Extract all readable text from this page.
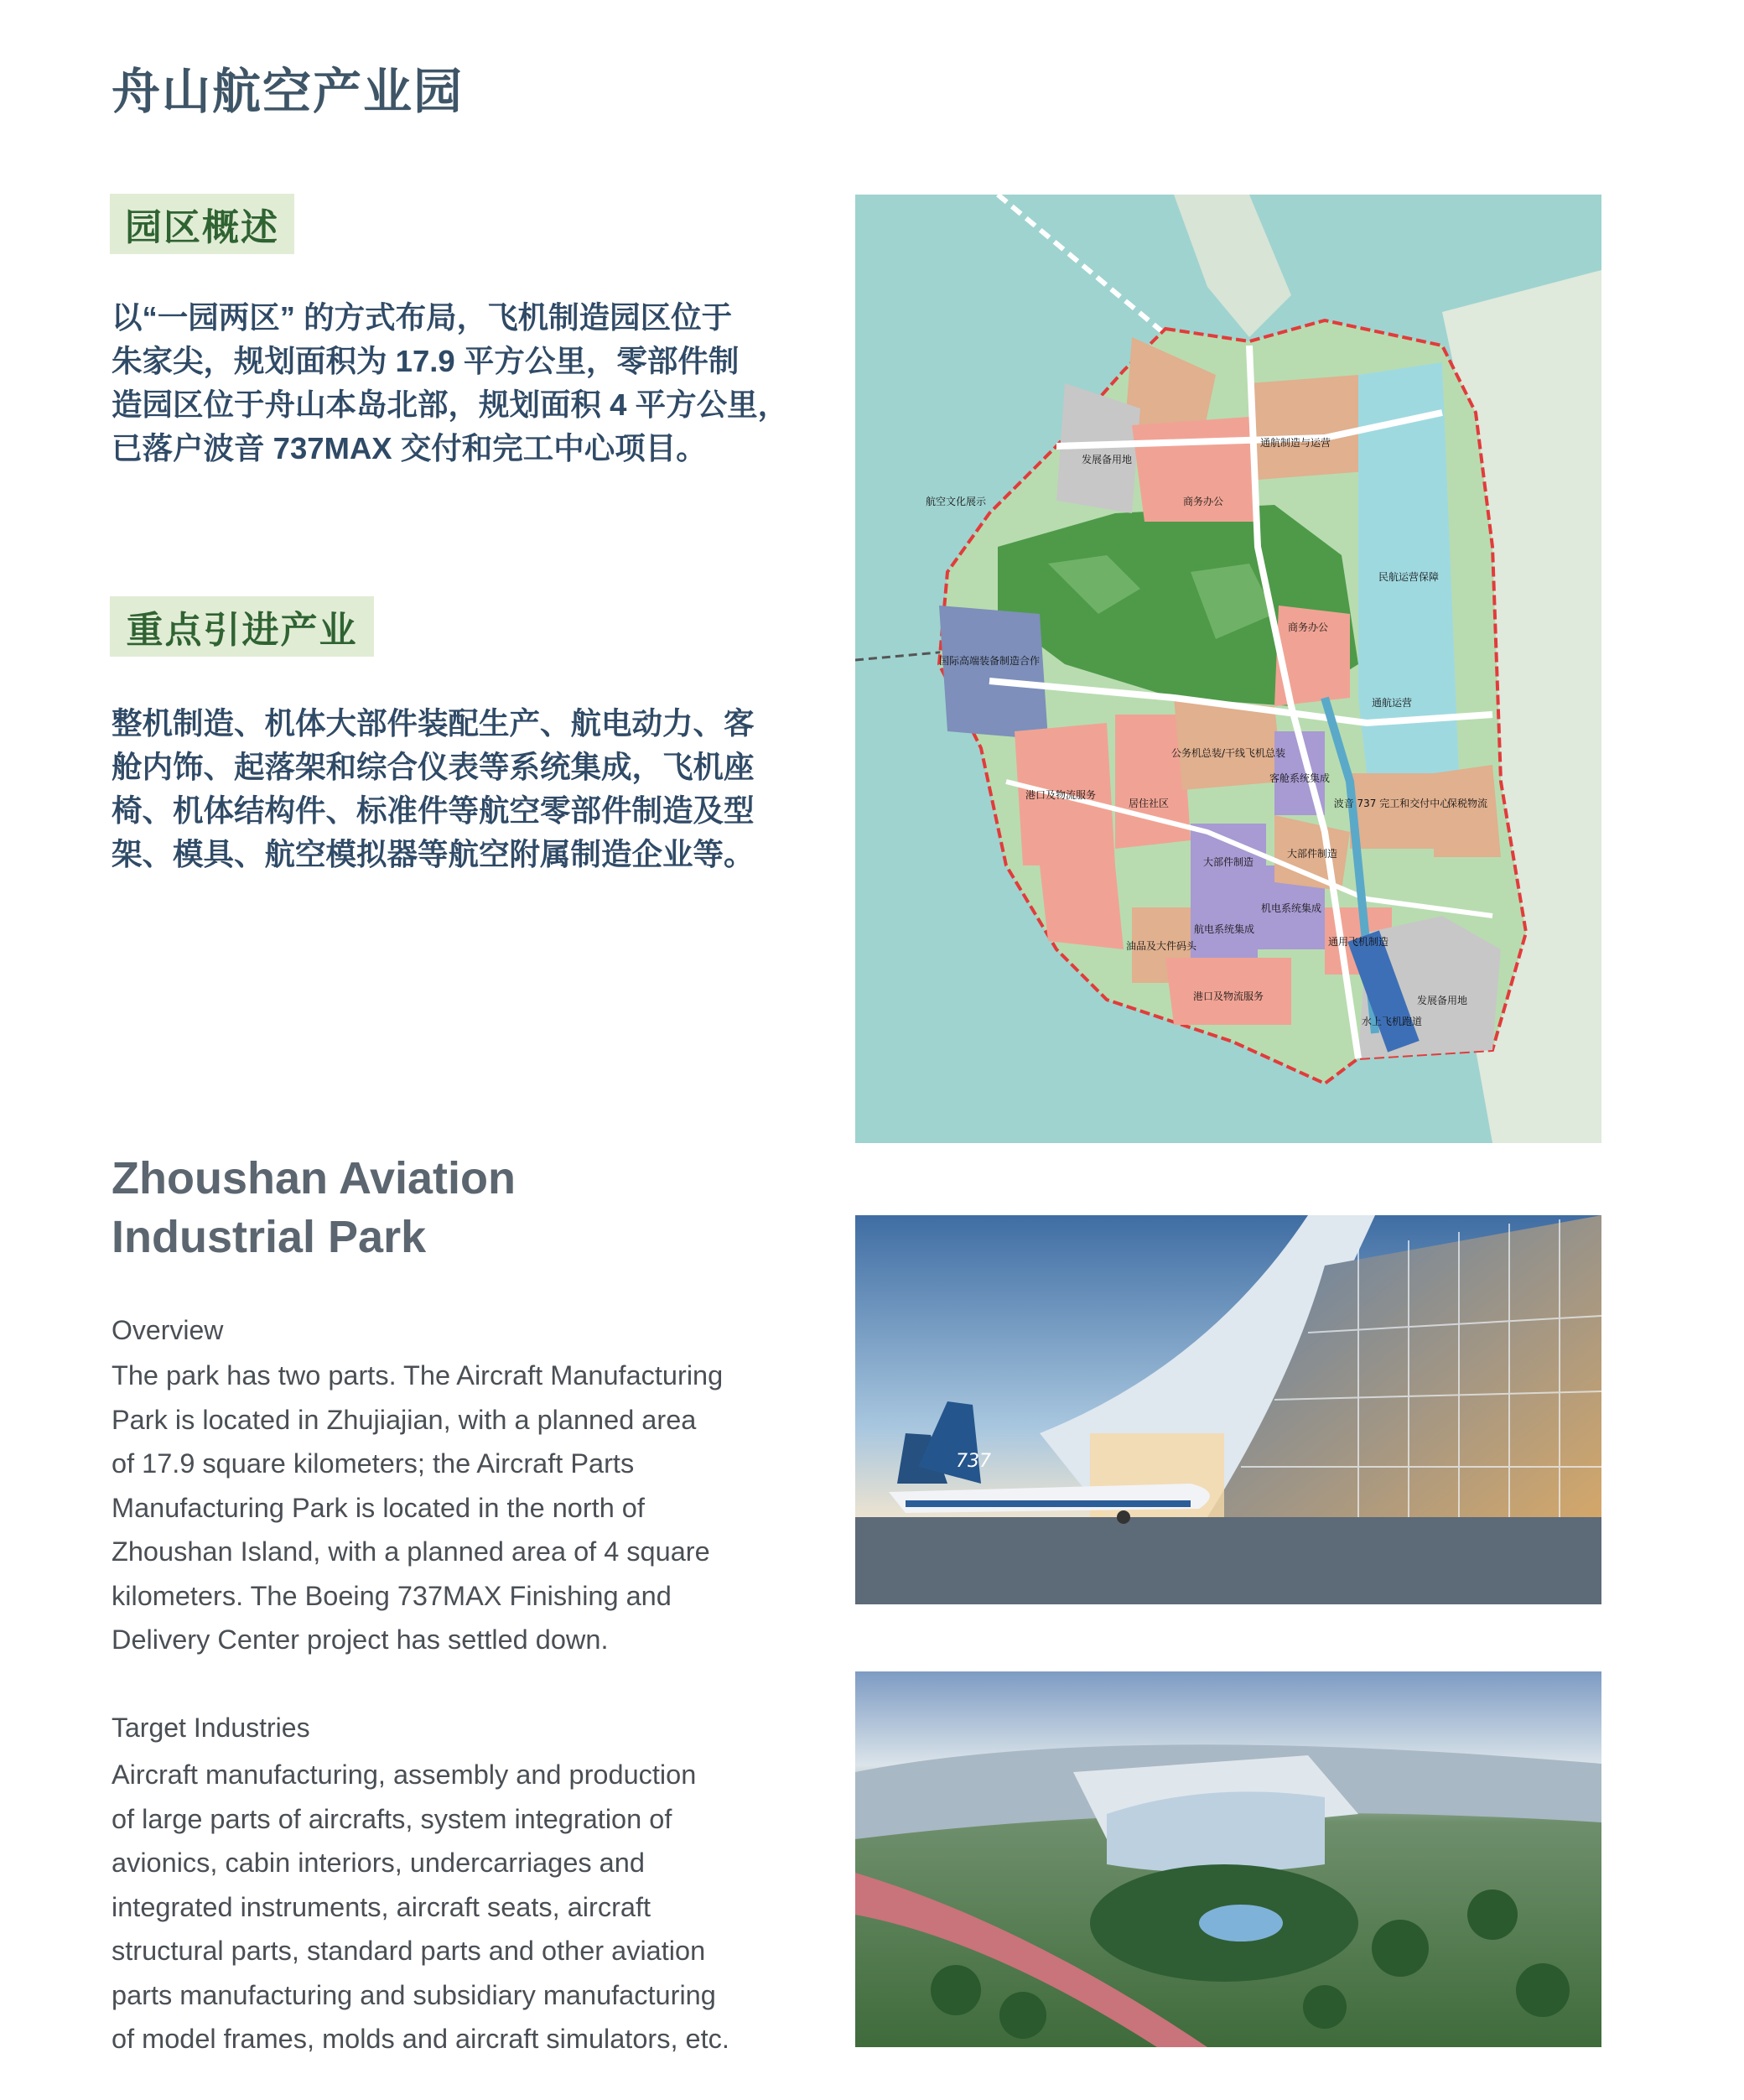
舟山航空产业园
园区概述
以“一园两区” 的方式布局，飞机制造园区位于
朱家尖，规划面积为 17.9 平方公里，零部件制
造园区位于舟山本岛北部，规划面积 4 平方公里，
已落户波音 737MAX 交付和完工中心项目。
重点引进产业
整机制造、机体大部件装配生产、航电动力、客
舱内饰、起落架和综合仪表等系统集成，飞机座
椅、机体结构件、标准件等航空零部件制造及型
架、模具、航空模拟器等航空附属制造企业等。
Zhoushan Aviation
Industrial Park
Overview
The park has two parts. The Aircraft Manufacturing
Park is located in Zhujiajian, with a planned area
of 17.9 square kilometers; the Aircraft Parts
Manufacturing Park is located in the north of
Zhoushan Island, with a planned area of 4 square
kilometers. The Boeing 737MAX Finishing and
Delivery Center project has settled down.
Target Industries
Aircraft manufacturing, assembly and production
of large parts of aircrafts, system integration of
avionics, cabin interiors, undercarriages and
integrated instruments, aircraft seats, aircraft
structural parts, standard parts and other aviation
parts manufacturing and subsidiary manufacturing
of model frames, molds and aircraft simulators, etc.
航空文化展示
通航制造与运营
发展备用地
商务办公
民航运营保障
商务办公
国际高端装备制造合作
通航运营
港口及物流服务
居住社区
公务机总装/干线飞机总装
客舱系统集成
波音 737 完工和交付中心
保税物流
大部件制造
航电系统集成
机电系统集成
大部件制造
通用飞机制造
水上飞机跑道
油品及大件码头
港口及物流服务	发展备用地
737
